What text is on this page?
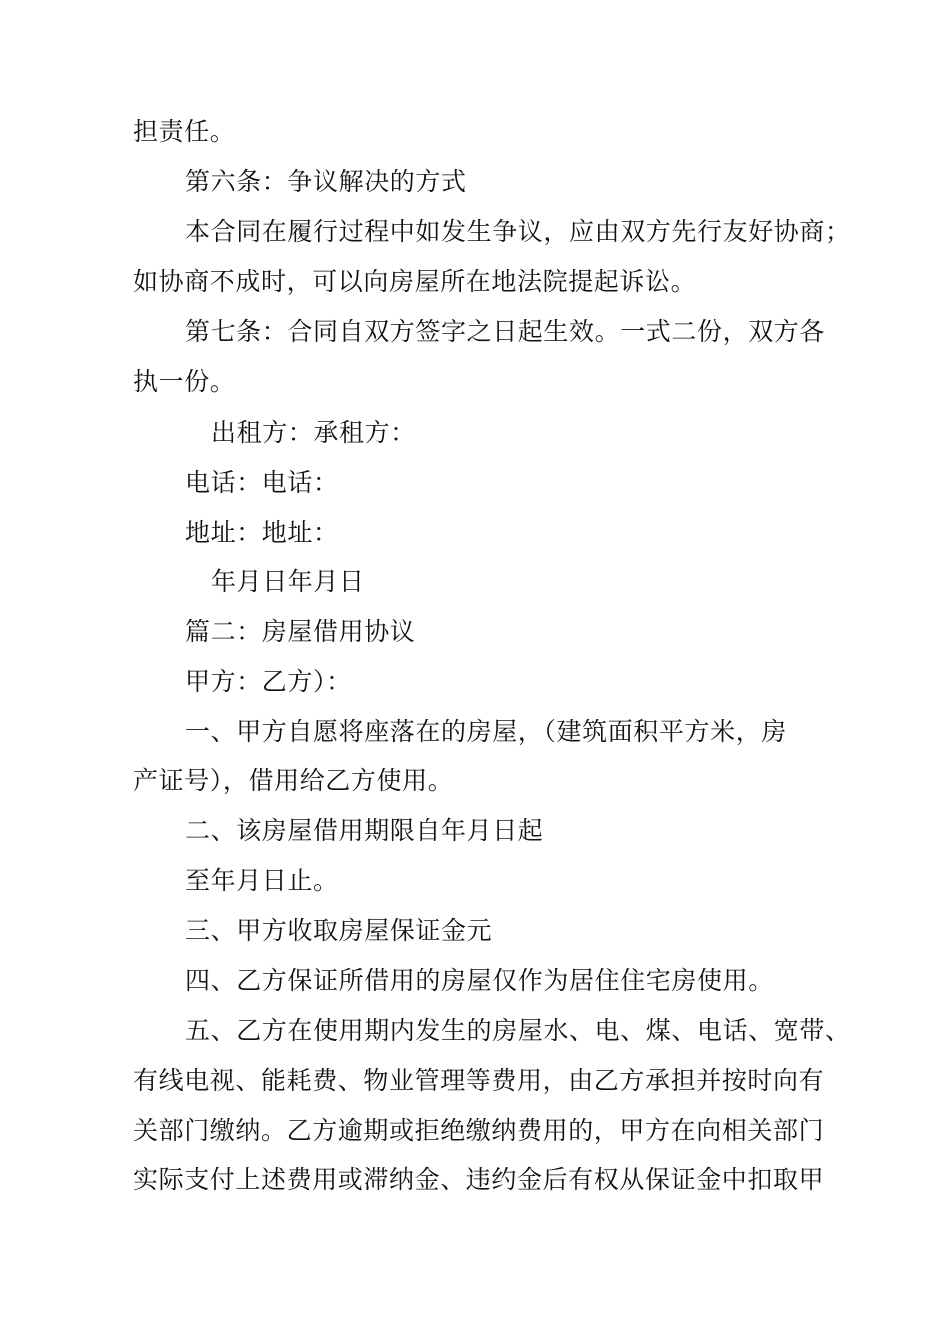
担责任。
第六条：争议解决的方式
本合同在履行过程中如发生争议，应由双方先行友好协商；
如协商不成时，可以向房屋所在地法院提起诉讼。
第七条：合同自双方签字之日起生效。一式二份，双方各
执一份。
出租方：承租方：
电话：电话：
地址：地址：
年月日年月日
篇二：房屋借用协议
甲方：乙方）：
一、甲方自愿将座落在的房屋，（建筑面积平方米，房
产证号），借用给乙方使用。
二、该房屋借用期限自年月日起
至年月日止。
三、甲方收取房屋保证金元
四、乙方保证所借用的房屋仅作为居住住宅房使用。
五、乙方在使用期内发生的房屋水、电、煤、电话、宽带、
有线电视、能耗费、物业管理等费用，由乙方承担并按时向有
关部门缴纳。乙方逾期或拒绝缴纳费用的，甲方在向相关部门
实际支付上述费用或滞纳金、违约金后有权从保证金中扣取甲
